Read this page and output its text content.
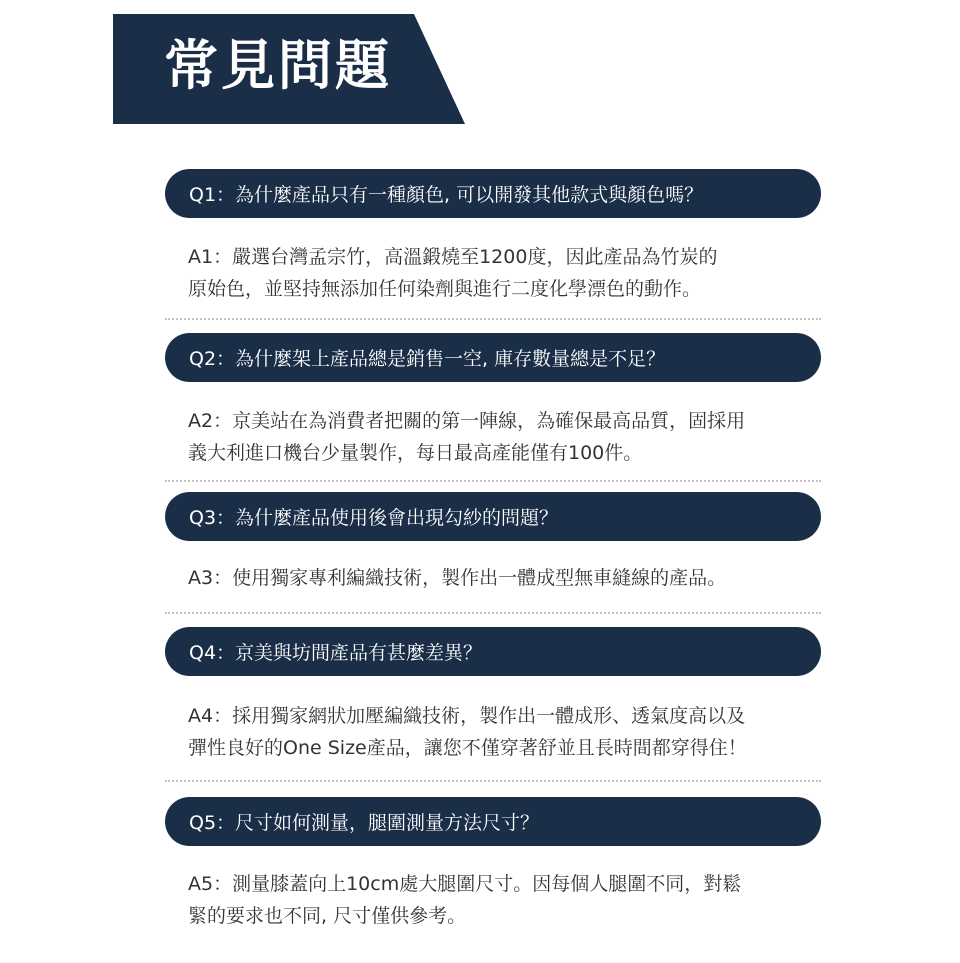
常見問題
Q1：為什麼產品只有一種顏色, 可以開發其他款式與顏色嗎？
A1：嚴選台灣孟宗竹，高溫鍛燒至1200度，因此產品為竹炭的
原始色，並堅持無添加任何染劑與進行二度化學漂色的動作。
Q2：為什麼架上產品總是銷售一空, 庫存數量總是不足？
A2：京美站在為消費者把關的第一陣線，為確保最高品質，固採用
義大利進口機台少量製作，每日最高產能僅有100件。
Q3：為什麼產品使用後會出現勾紗的問題？
A3：使用獨家專利編織技術，製作出一體成型無車縫線的產品。
Q4：京美與坊間產品有甚麼差異？
A4：採用獨家網狀加壓編織技術，製作出一體成形、透氣度高以及
彈性良好的One Size產品，讓您不僅穿著舒並且長時間都穿得住！
Q5：尺寸如何測量，腿圍測量方法尺寸？
A5：測量膝蓋向上10cm處大腿圍尺寸。因每個人腿圍不同，對鬆
緊的要求也不同, 尺寸僅供參考。
